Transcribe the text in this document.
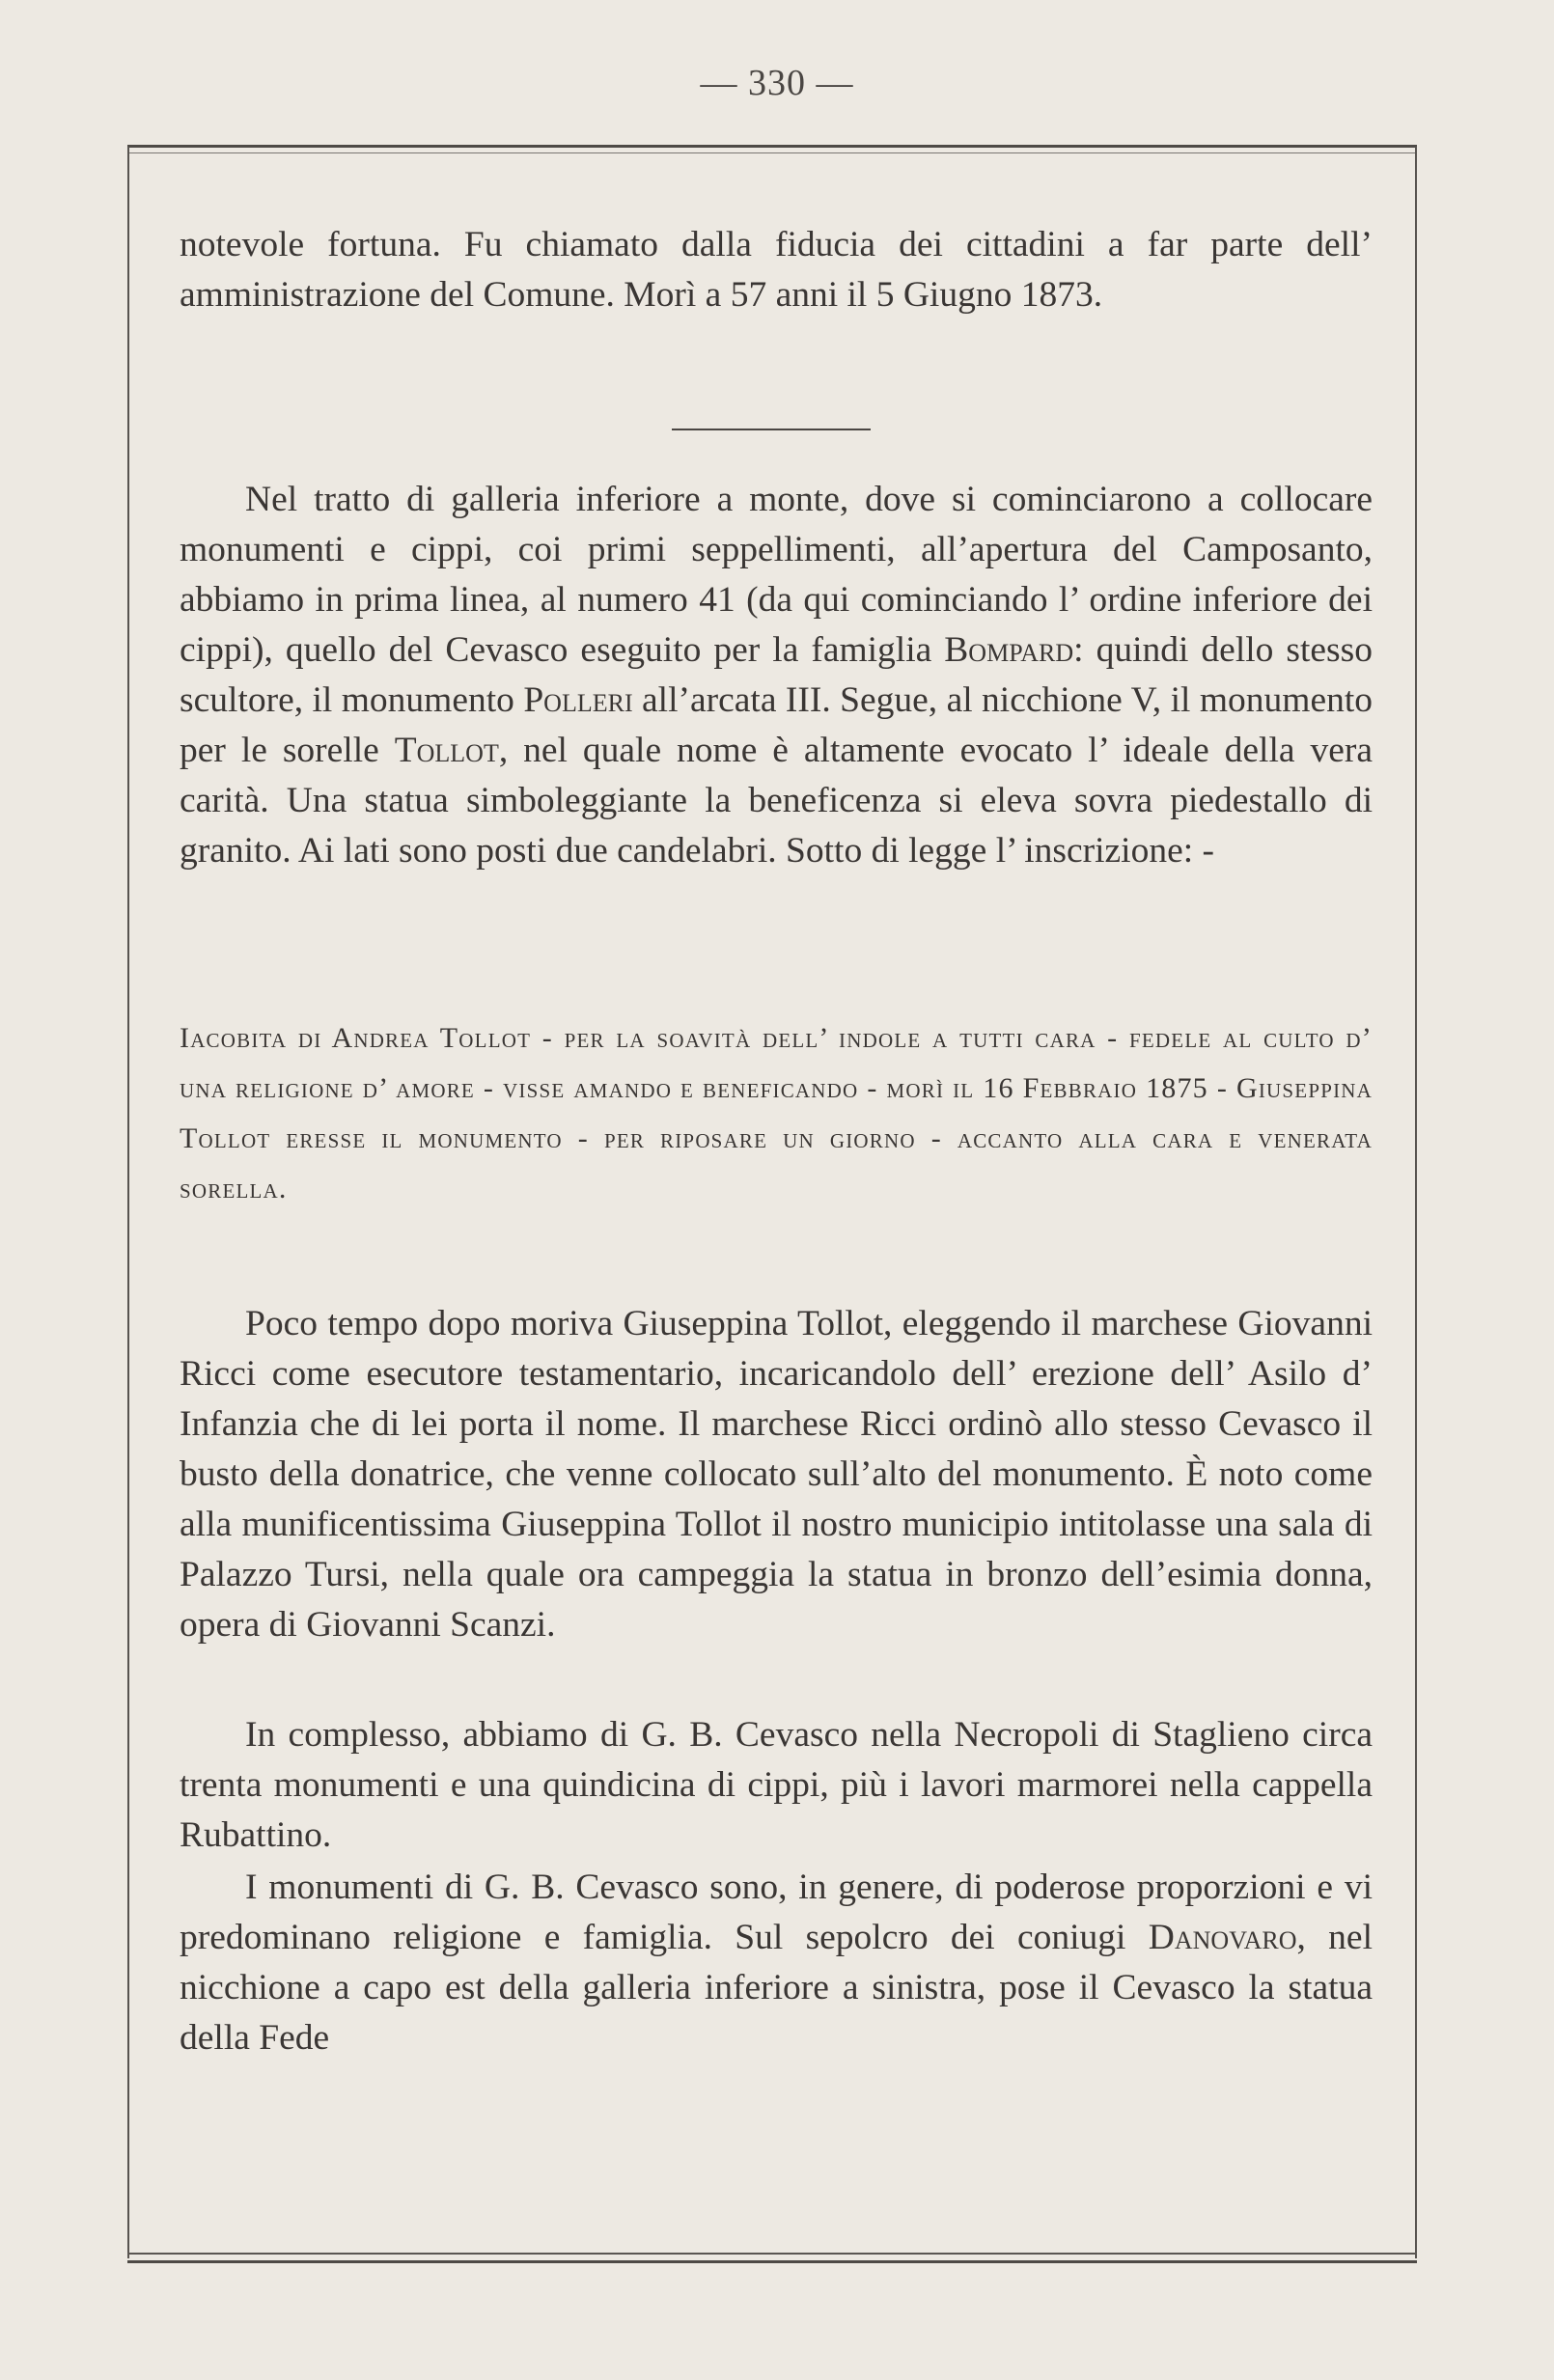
— 330 —

notevole fortuna. Fu chiamato dalla fiducia dei cittadini a far parte dell’ amministrazione del Comune. Morì a 57 anni il 5 Giugno 1873.

Nel tratto di galleria inferiore a monte, dove si cominciarono a collocare monumenti e cippi, coi primi seppellimenti, all’apertura del Camposanto, abbiamo in prima linea, al numero 41 (da qui cominciando l’ ordine inferiore dei cippi), quello del Cevasco eseguito per la famiglia Bompard: quindi dello stesso scultore, il monumento Polleri all’arcata III. Segue, al nicchione V, il monumento per le sorelle Tollot, nel quale nome è altamente evocato l’ ideale della vera carità. Una statua simboleggiante la beneficenza si eleva sovra piedestallo di granito. Ai lati sono posti due candelabri. Sotto di legge l’ inscrizione: -

Iacobita di Andrea Tollot - per la soavità dell’ indole a tutti cara - fedele al culto d’ una religione d’ amore - visse amando e beneficando - morì il 16 Febbraio 1875 - Giuseppina Tollot eresse il monumento - per riposare un giorno - accanto alla cara e venerata sorella.

Poco tempo dopo moriva Giuseppina Tollot, eleggendo il marchese Giovanni Ricci come esecutore testamentario, incaricandolo dell’ erezione dell’ Asilo d’ Infanzia che di lei porta il nome. Il marchese Ricci ordinò allo stesso Cevasco il busto della donatrice, che venne collocato sull’alto del monumento. È noto come alla munificentissima Giuseppina Tollot il nostro municipio intitolasse una sala di Palazzo Tursi, nella quale ora campeggia la statua in bronzo dell’esimia donna, opera di Giovanni Scanzi.

In complesso, abbiamo di G. B. Cevasco nella Necropoli di Staglieno circa trenta monumenti e una quindicina di cippi, più i lavori marmorei nella cappella Rubattino.

I monumenti di G. B. Cevasco sono, in genere, di poderose proporzioni e vi predominano religione e famiglia. Sul sepolcro dei coniugi Danovaro, nel nicchione a capo est della galleria inferiore a sinistra, pose il Cevasco la statua della Fede
